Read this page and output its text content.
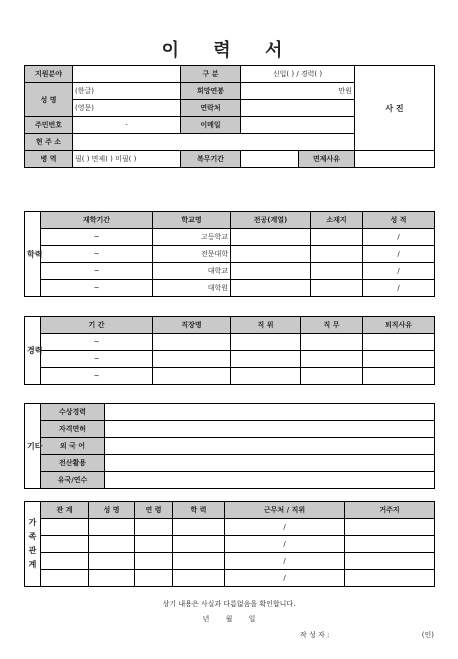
이 력 서
지원분야		구 분	신입( ) / 경력( )		사 진
성 명	(한글)	희망연봉	만원		
	(영문)	연락처			
주민번호	-	이메일			
현 주 소					
병 역	필( ) 면제( ) 미필( )	복무기간		면제사유	
학력	재학기간	학교명	전공(계열)	소재지	성 적
	~	고등학교			/
	~	전문대학			/
	~	대학교			/
	~	대학원			/
경력	기 간	직장명	직 위	직 무	퇴직사유
	~				
	~				
	~				
기타	수상경력	
	자격면허	
	외 국 어	
	전산활용	
	유국/연수	
가족관계	관 계	성 명	연 령	학 력	근무처 / 직위	거주지
					/	
					/	
					/	
					/	
상기 내용은 사실과 다름없음을 확인합니다.
년 월 일
작 성 자 :	(인)
